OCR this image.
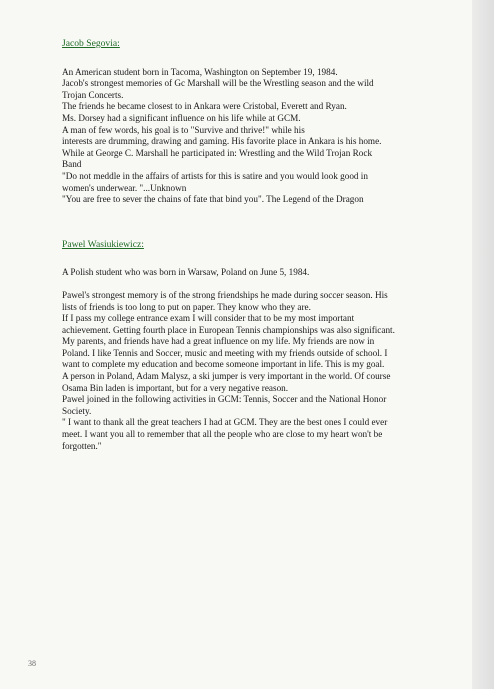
Jacob Segovia:
An American student born in Tacoma, Washington on September 19, 1984.
Jacob's strongest memories of Gc Marshall will be the Wrestling season and the wild
Trojan Concerts.
The friends he became closest to in Ankara were Cristobal, Everett and Ryan.
Ms. Dorsey had a significant influence on his life while at GCM.
A man of few words, his goal is to "Survive and thrive!" while his
interests are drumming, drawing and gaming. His favorite place in Ankara is his home.
While at George C. Marshall he participated in: Wrestling and the Wild Trojan Rock
Band
"Do not meddle in the affairs of artists for this is satire and you would look good in
women's underwear. "...Unknown
"You are free to sever the chains of fate that bind you". The Legend of the Dragon
Pawel Wasiukiewicz:
A Polish student who was born in Warsaw, Poland on June 5, 1984.
Pawel's strongest memory is of the strong friendships he made during soccer season. His
lists of friends is too long to put on paper. They know who they are.
If I pass my college entrance exam I will consider that to be my most important
achievement. Getting fourth place in European Tennis championships was also significant.
My parents, and friends have had a great influence on my life. My friends are now in
Poland. I like Tennis and Soccer, music and meeting with my friends outside of school. I
want to complete my education and become someone important in life. This is my goal.
A person in Poland, Adam Malysz, a ski jumper is very important in the world. Of course
Osama Bin laden is important, but for a very negative reason.
Pawel joined in the following activities in GCM: Tennis, Soccer and the National Honor
Society.
" I want to thank all the great teachers I had at GCM. They are the best ones I could ever
meet. I want you all to remember that all the people who are close to my heart won't be
forgotten."
38
